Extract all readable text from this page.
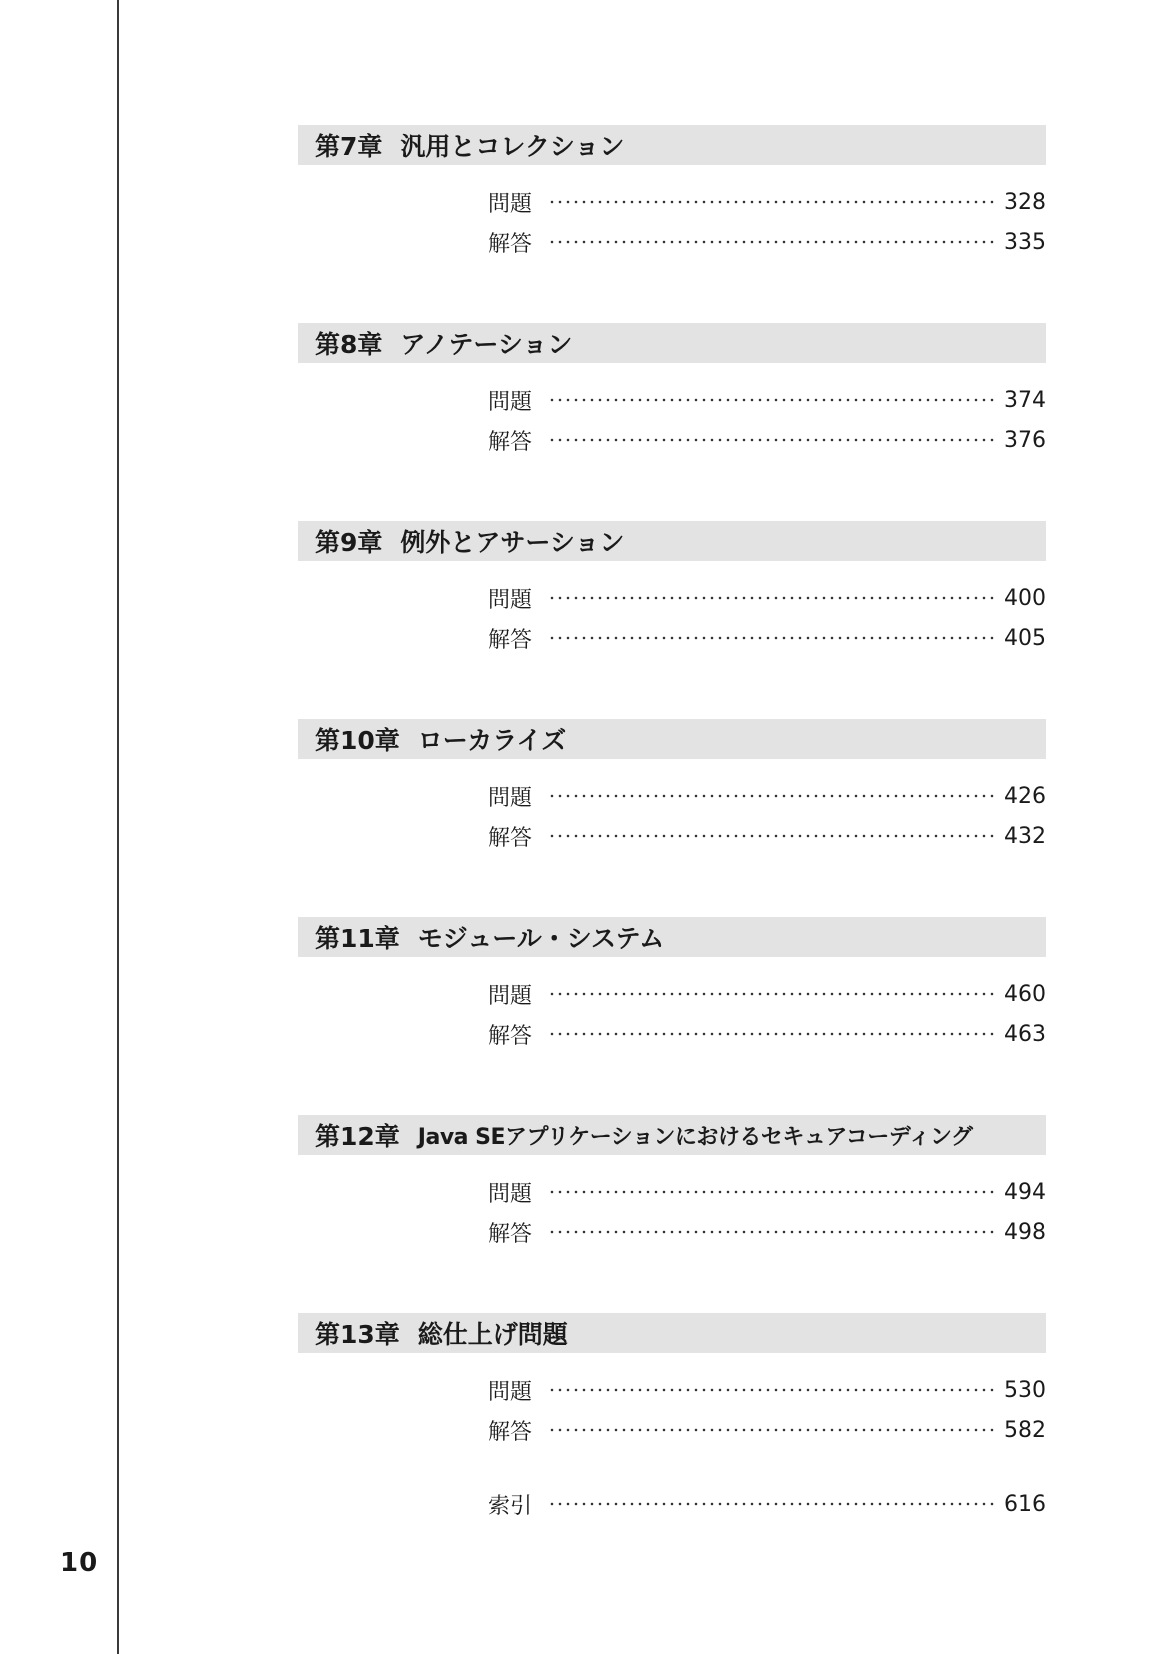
10
第7章 汎用とコレクション
問題	328
解答	335
第8章 アノテーション
問題	374
解答	376
第9章 例外とアサーション
問題	400
解答	405
第10章 ローカライズ
問題	426
解答	432
第11章 モジュール・システム
問題	460
解答	463
第12章 Java SEアプリケーションにおけるセキュアコーディング
問題	494
解答	498
第13章 総仕上げ問題
問題	530
解答	582
索引	616
